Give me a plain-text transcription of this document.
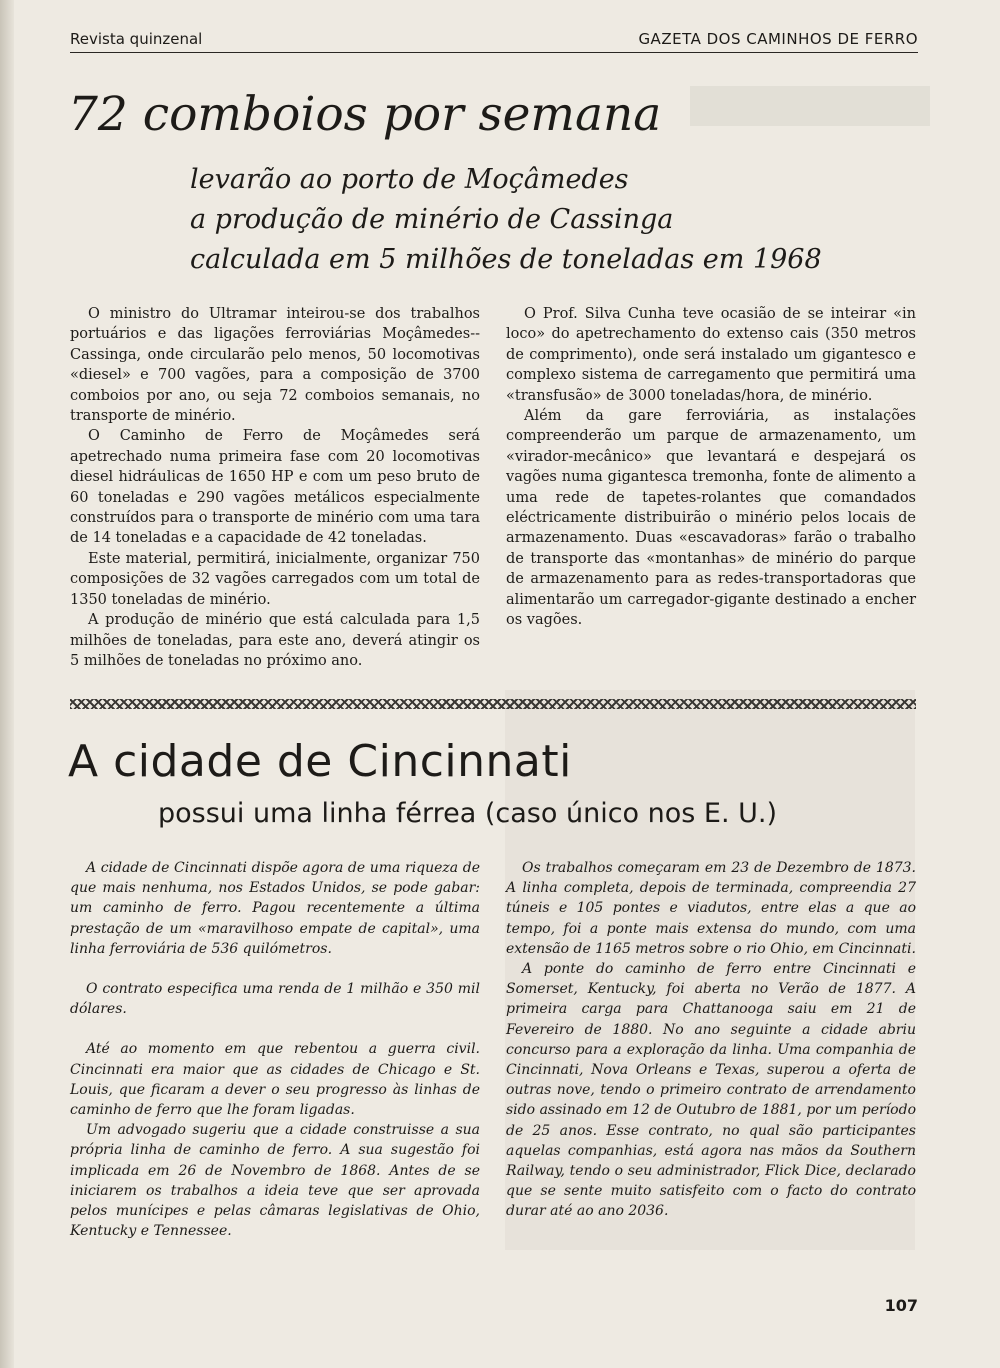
Revista quinzenal	GAZETA DOS CAMINHOS DE FERRO
72 comboios por semana
levarão ao porto de Moçâmedes
a produção de minério de Cassinga
calculada em 5 milhões de toneladas em 1968

O ministro do Ultramar inteirou-se dos trabalhos portuários e das ligações ferroviárias Moçâmedes--Cassinga, onde circularão pelo menos, 50 locomotivas «diesel» e 700 vagões, para a composição de 3700 comboios por ano, ou seja 72 comboios semanais, no transporte de minério.

O Caminho de Ferro de Moçâmedes será apetrechado numa primeira fase com 20 locomotivas diesel hidráulicas de 1650 HP e com um peso bruto de 60 toneladas e 290 vagões metálicos especialmente construídos para o transporte de minério com uma tara de 14 toneladas e a capacidade de 42 toneladas.

Este material, permitirá, inicialmente, organizar 750 composições de 32 vagões carregados com um total de 1350 toneladas de minério.

A produção de minério que está calculada para 1,5 milhões de toneladas, para este ano, deverá atingir os 5 milhões de toneladas no próximo ano.

O Prof. Silva Cunha teve ocasião de se inteirar «in loco» do apetrechamento do extenso cais (350 metros de comprimento), onde será instalado um gigantesco e complexo sistema de carregamento que permitirá uma «transfusão» de 3000 toneladas/hora, de minério.

Além da gare ferroviária, as instalações compreenderão um parque de armazenamento, um «virador-mecânico» que levantará e despejará os vagões numa gigantesca tremonha, fonte de alimento a uma rede de tapetes-rolantes que comandados eléctricamente distribuirão o minério pelos locais de armazenamento. Duas «escavadoras» farão o trabalho de transporte das «montanhas» de minério do parque de armazenamento para as redes-transportadoras que alimentarão um carregador-gigante destinado a encher os vagões.

A cidade de Cincinnati
possui uma linha férrea (caso único nos E. U.)

A cidade de Cincinnati dispõe agora de uma riqueza de que mais nenhuma, nos Estados Unidos, se pode gabar: um caminho de ferro. Pagou recentemente a última prestação de um «maravilhoso empate de capital», uma linha ferroviária de 536 quilómetros.

O contrato especifica uma renda de 1 milhão e 350 mil dólares.

Até ao momento em que rebentou a guerra civil. Cincinnati era maior que as cidades de Chicago e St. Louis, que ficaram a dever o seu progresso às linhas de caminho de ferro que lhe foram ligadas.

Um advogado sugeriu que a cidade construisse a sua própria linha de caminho de ferro. A sua sugestão foi implicada em 26 de Novembro de 1868. Antes de se iniciarem os trabalhos a ideia teve que ser aprovada pelos munícipes e pelas câmaras legislativas de Ohio, Kentucky e Tennessee.

Os trabalhos começaram em 23 de Dezembro de 1873. A linha completa, depois de terminada, compreendia 27 túneis e 105 pontes e viadutos, entre elas a que ao tempo, foi a ponte mais extensa do mundo, com uma extensão de 1165 metros sobre o rio Ohio, em Cincinnati.

A ponte do caminho de ferro entre Cincinnati e Somerset, Kentucky, foi aberta no Verão de 1877. A primeira carga para Chattanooga saiu em 21 de Fevereiro de 1880. No ano seguinte a cidade abriu concurso para a exploração da linha. Uma companhia de Cincinnati, Nova Orleans e Texas, superou a oferta de outras nove, tendo o primeiro contrato de arrendamento sido assinado em 12 de Outubro de 1881, por um período de 25 anos. Esse contrato, no qual são participantes aquelas companhias, está agora nas mãos da Southern Railway, tendo o seu administrador, Flick Dice, declarado que se sente muito satisfeito com o facto do contrato durar até ao ano 2036.

107
